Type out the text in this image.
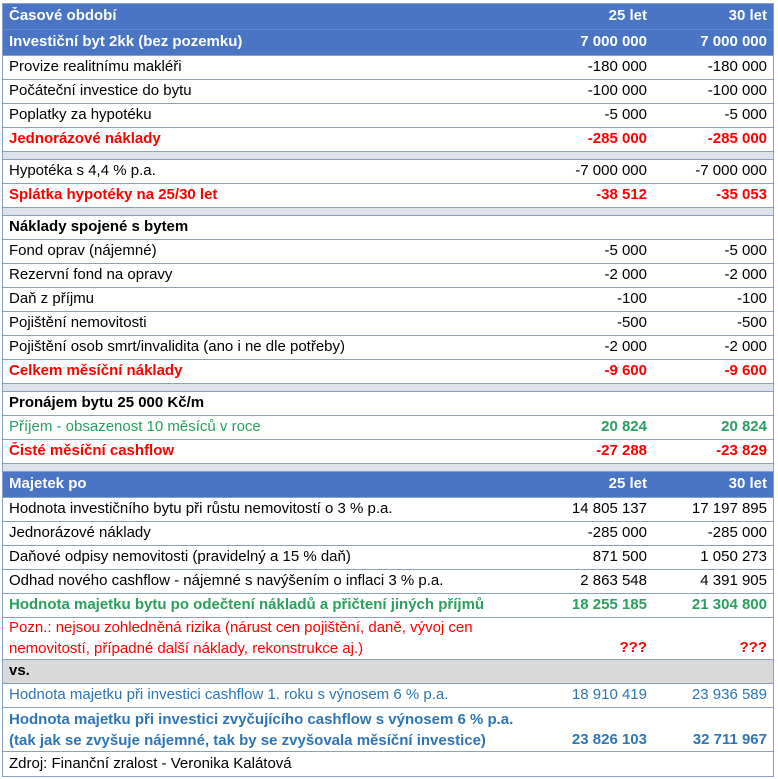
Časové období	25 let	30 let
Investiční byt 2kk (bez pozemku)	7 000 000	7 000 000
Provize realitnímu makléři	-180 000	-180 000
Počáteční investice do bytu	-100 000	-100 000
Poplatky za hypotéku	-5 000	-5 000
Jednorázové náklady	-285 000	-285 000
Hypotéka s 4,4 % p.a.	-7 000 000	-7 000 000
Splátka hypotéky na 25/30 let	-38 512	-35 053
Náklady spojené s bytem
Fond oprav (nájemné)	-5 000	-5 000
Rezervní fond na opravy	-2 000	-2 000
Daň z příjmu	-100	-100
Pojištění nemovitosti	-500	-500
Pojištění osob smrt/invalidita (ano i ne dle potřeby)	-2 000	-2 000
Celkem měsíční náklady	-9 600	-9 600
Pronájem bytu 25 000 Kč/m
Příjem - obsazenost 10 měsíců v roce	20 824	20 824
Čisté měsíční cashflow	-27 288	-23 829
Majetek po	25 let	30 let
Hodnota investičního bytu při růstu nemovitostí o 3 % p.a.	14 805 137	17 197 895
Jednorázové náklady	-285 000	-285 000
Daňové odpisy nemovitosti (pravidelný a 15 % daň)	871 500	1 050 273
Odhad nového cashflow - nájemné s navýšením o inflaci 3 % p.a.	2 863 548	4 391 905
Hodnota majetku bytu po odečtení nákladů a přičtení jiných příjmů	18 255 185	21 304 800
Pozn.: nejsou zohledněná rizika (nárust cen pojištění, daně, vývoj cen
nemovitostí, případné další náklady, rekonstrukce aj.)	???	???
vs.
Hodnota majetku při investici cashflow 1. roku s výnosem 6 % p.a.	18 910 419	23 936 589
Hodnota majetku při investici zvyčujícího cashflow s výnosem 6 % p.a.
(tak jak se zvyšuje nájemné, tak by se zvyšovala měsíční investice)	23 826 103	32 711 967
Zdroj: Finanční zralost - Veronika Kalátová
